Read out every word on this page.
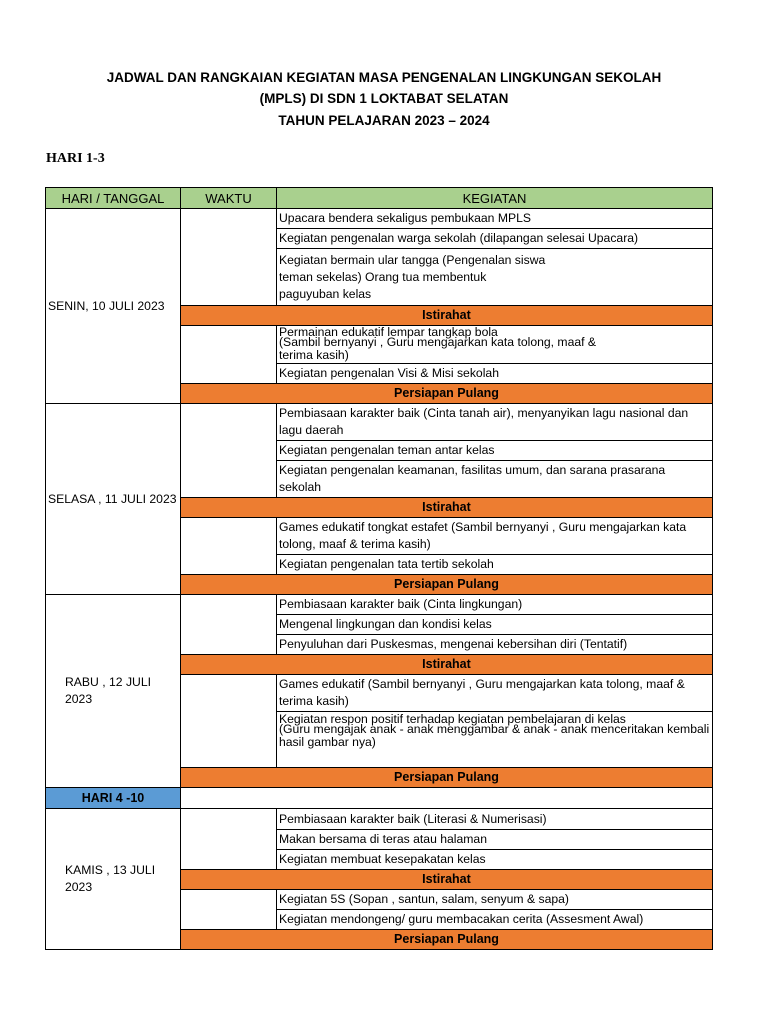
JADWAL DAN RANGKAIAN KEGIATAN MASA PENGENALAN LINGKUNGAN SEKOLAH
(MPLS) DI SDN 1 LOKTABAT SELATAN
TAHUN PELAJARAN 2023 – 2024
HARI 1-3
HARI / TANGGAL	WAKTU	KEGIATAN
SENIN, 10 JULI 2023		Upacara bendera sekaligus pembukaan MPLS
		Kegiatan pengenalan warga sekolah (dilapangan selesai Upacara)
		Kegiatan bermain ular tangga (Pengenalan siswa
teman sekelas) Orang tua membentuk
paguyuban kelas
	Istirahat	

		Permainan edukatif lempar tangkap bola
(Sambil bernyanyi , Guru mengajarkan kata tolong, maaf &
terima kasih)

		Kegiatan pengenalan Visi & Misi sekolah
	Persiapan Pulang	
SELASA , 11 JULI 2023		Pembiasaan karakter baik (Cinta tanah air), menyanyikan lagu nasional dan lagu daerah
		Kegiatan pengenalan teman antar kelas
		Kegiatan pengenalan keamanan, fasilitas umum, dan sarana prasarana sekolah
	Istirahat	
		Games edukatif tongkat estafet (Sambil bernyanyi , Guru mengajarkan kata tolong, maaf & terima kasih)
		Kegiatan pengenalan tata tertib sekolah
	Persiapan Pulang	
RABU , 12 JULI
2023		Pembiasaan karakter baik (Cinta lingkungan)
		Mengenal lingkungan dan kondisi kelas
		Penyuluhan dari Puskesmas, mengenai kebersihan diri (Tentatif)
	Istirahat	
		Games edukatif (Sambil bernyanyi , Guru mengajarkan kata tolong, maaf & terima kasih)

		Kegiatan respon positif terhadap kegiatan pembelajaran di kelas
(Guru mengajak anak - anak menggambar & anak - anak menceritakan kembali hasil gambar nya)

	Persiapan Pulang	
HARI 4 -10		
KAMIS , 13 JULI
2023		Pembiasaan karakter baik (Literasi & Numerisasi)
		Makan bersama di teras atau halaman
		Kegiatan membuat kesepakatan kelas
	Istirahat	
		Kegiatan 5S (Sopan , santun, salam, senyum & sapa)
		Kegiatan mendongeng/ guru membacakan cerita (Assesment Awal)
	Persiapan Pulang	
